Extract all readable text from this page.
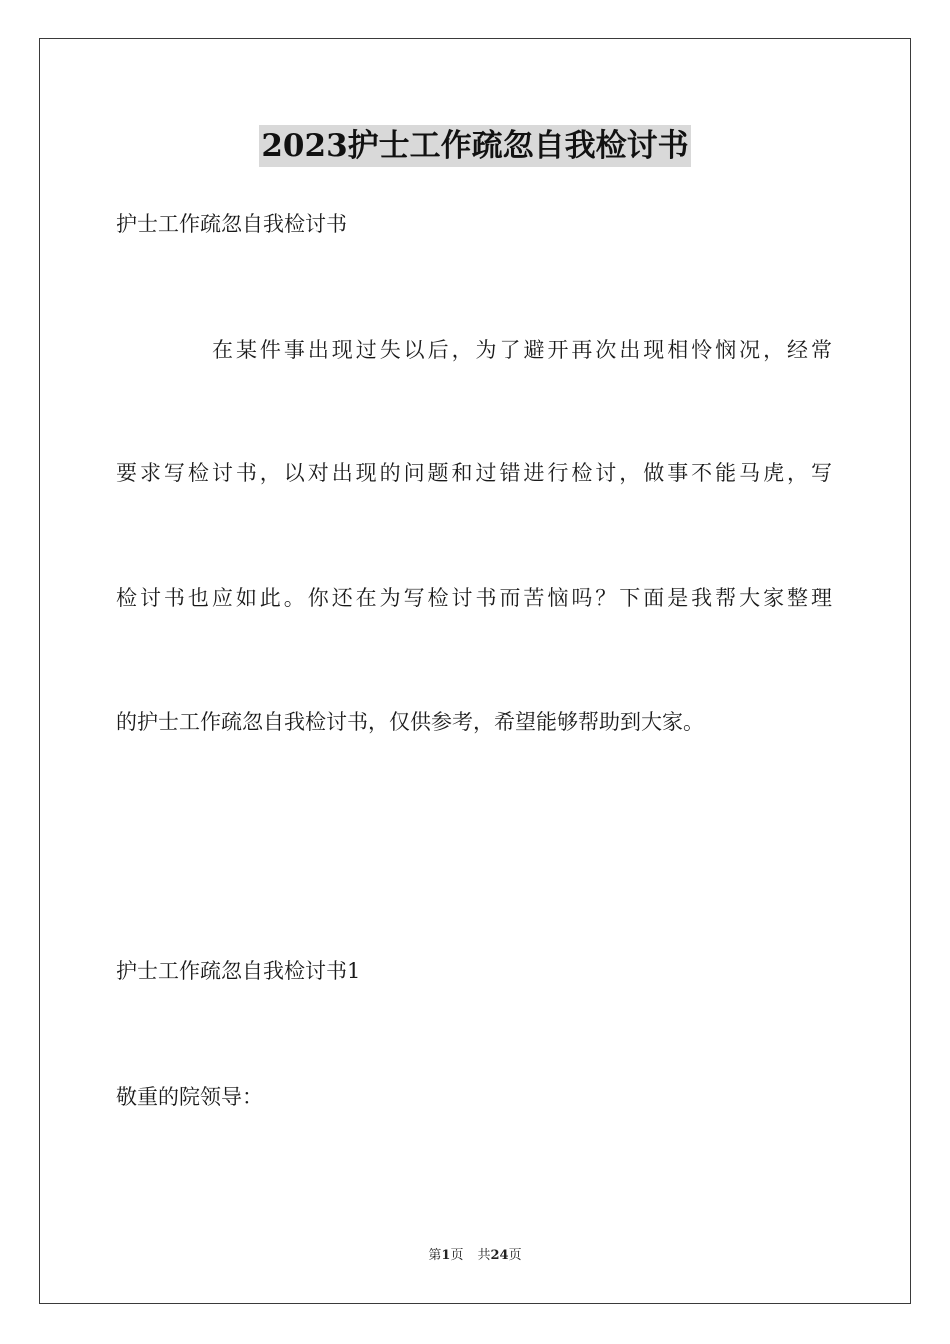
2023护士工作疏忽自我检讨书
护士工作疏忽自我检讨书
在某件事出现过失以后，为了避开再次出现相怜悯况，经常
要求写检讨书，以对出现的问题和过错进行检讨，做事不能马虎，写
检讨书也应如此。你还在为写检讨书而苦恼吗？下面是我帮大家整理
的护士工作疏忽自我检讨书，仅供参考，希望能够帮助到大家。
护士工作疏忽自我检讨书1
敬重的院领导：
第1页 共24页
